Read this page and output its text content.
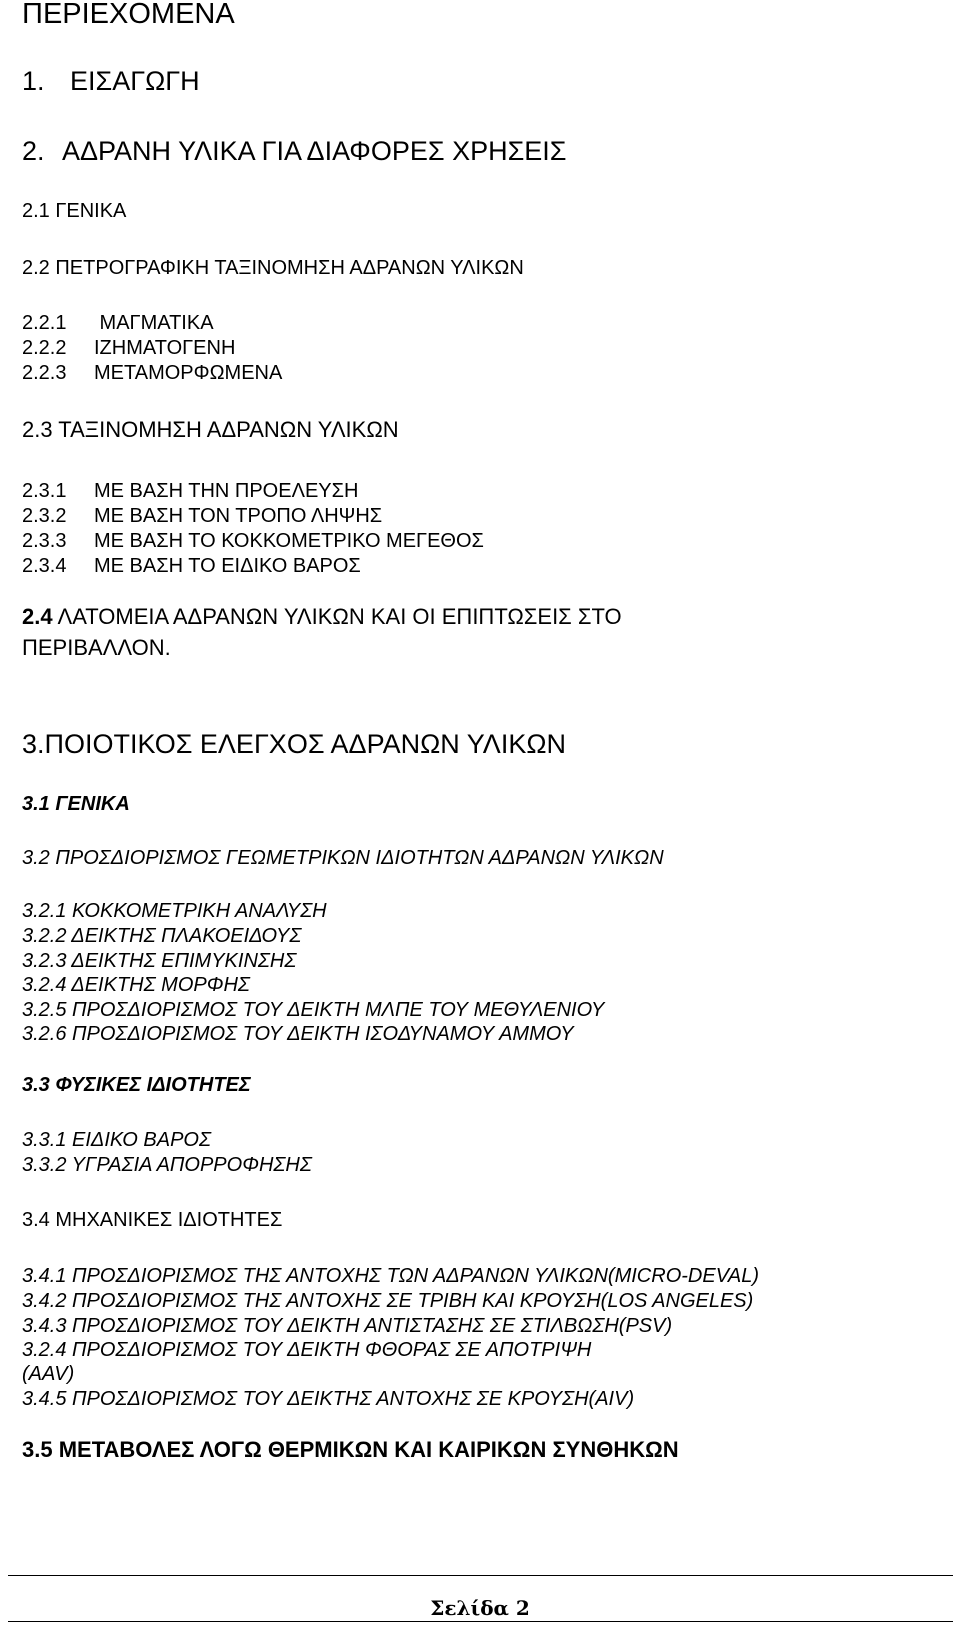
ΠΕΡΙΕΧΟΜΕΝΑ
1. ΕΙΣΑΓΩΓΗ
2. ΑΔΡΑΝΗ ΥΛΙΚΑ ΓΙΑ ΔΙΑΦΟΡΕΣ ΧΡΗΣΕΙΣ
2.1 ΓΕΝΙΚΑ
2.2 ΠΕΤΡΟΓΡΑΦΙΚΗ ΤΑΞΙΝΟΜΗΣΗ ΑΔΡΑΝΩΝ ΥΛΙΚΩΝ
2.2.1 ΜΑΓΜΑΤΙΚΑ
2.2.2 ΙΖΗΜΑΤΟΓΕΝΗ
2.2.3 ΜΕΤΑΜΟΡΦΩΜΕΝΑ
2.3 ΤΑΞΙΝΟΜΗΣΗ ΑΔΡΑΝΩΝ ΥΛΙΚΩΝ
2.3.1 ΜΕ ΒΑΣΗ ΤΗΝ ΠΡΟΕΛΕΥΣΗ
2.3.2 ΜΕ ΒΑΣΗ ΤΟΝ ΤΡΟΠΟ ΛΗΨΗΣ
2.3.3 ΜΕ ΒΑΣΗ ΤΟ ΚΟΚΚΟΜΕΤΡΙΚΟ ΜΕΓΕΘΟΣ
2.3.4 ΜΕ ΒΑΣΗ ΤΟ ΕΙΔΙΚΟ ΒΑΡΟΣ
2.4 ΛΑΤΟΜΕΙΑ ΑΔΡΑΝΩΝ ΥΛΙΚΩΝ ΚΑΙ ΟΙ ΕΠΙΠΤΩΣΕΙΣ ΣΤΟ
ΠΕΡΙΒΑΛΛΟΝ.
3.ΠΟΙΟΤΙΚΟΣ ΕΛΕΓΧΟΣ ΑΔΡΑΝΩΝ ΥΛΙΚΩΝ
3.1 ΓΕΝΙΚΑ
3.2 ΠΡΟΣΔΙΟΡΙΣΜΟΣ ΓΕΩΜΕΤΡΙΚΩΝ ΙΔΙΟΤΗΤΩΝ ΑΔΡΑΝΩΝ ΥΛΙΚΩΝ
3.2.1 ΚΟΚΚΟΜΕΤΡΙΚΗ ΑΝΑΛΥΣΗ
3.2.2 ΔΕΙΚΤΗΣ ΠΛΑΚΟΕΙΔΟΥΣ
3.2.3 ΔΕΙΚΤΗΣ ΕΠΙΜΥΚΙΝΣΗΣ
3.2.4 ΔΕΙΚΤΗΣ ΜΟΡΦΗΣ
3.2.5 ΠΡΟΣΔΙΟΡΙΣΜΟΣ ΤΟΥ ΔΕΙΚΤΗ ΜΛΠΕ ΤΟΥ ΜΕΘΥΛΕΝΙΟΥ
3.2.6 ΠΡΟΣΔΙΟΡΙΣΜΟΣ ΤΟΥ ΔΕΙΚΤΗ ΙΣΟΔΥΝΑΜΟΥ ΑΜΜΟΥ
3.3 ΦΥΣΙΚΕΣ ΙΔΙΟΤΗΤΕΣ
3.3.1 ΕΙΔΙΚΟ ΒΑΡΟΣ
3.3.2 ΥΓΡΑΣΙΑ ΑΠΟΡΡΟΦΗΣΗΣ
3.4 ΜΗΧΑΝΙΚΕΣ ΙΔΙΟΤΗΤΕΣ
3.4.1 ΠΡΟΣΔΙΟΡΙΣΜΟΣ ΤΗΣ ΑΝΤΟΧΗΣ ΤΩΝ ΑΔΡΑΝΩΝ ΥΛΙΚΩΝ(MICRO-DEVAL)
3.4.2 ΠΡΟΣΔΙΟΡΙΣΜΟΣ ΤΗΣ ΑΝΤΟΧΗΣ ΣΕ ΤΡΙΒΗ ΚΑΙ ΚΡΟΥΣΗ(LOS ANGELES)
3.4.3 ΠΡΟΣΔΙΟΡΙΣΜΟΣ ΤΟΥ ΔΕΙΚΤΗ ΑΝΤΙΣΤΑΣΗΣ ΣΕ ΣΤΙΛΒΩΣΗ(PSV)
3.2.4 ΠΡΟΣΔΙΟΡΙΣΜΟΣ ΤΟΥ ΔΕΙΚΤΗ ΦΘΟΡΑΣ ΣΕ ΑΠΟΤΡΙΨΗ
(AAV)
3.4.5 ΠΡΟΣΔΙΟΡΙΣΜΟΣ ΤΟΥ ΔΕΙΚΤΗΣ ΑΝΤΟΧΗΣ ΣΕ ΚΡΟΥΣΗ(AIV)
3.5 ΜΕΤΑΒΟΛΕΣ ΛΟΓΩ ΘΕΡΜΙΚΩΝ ΚΑΙ ΚΑΙΡΙΚΩΝ ΣΥΝΘΗΚΩΝ
Σελίδα 2
